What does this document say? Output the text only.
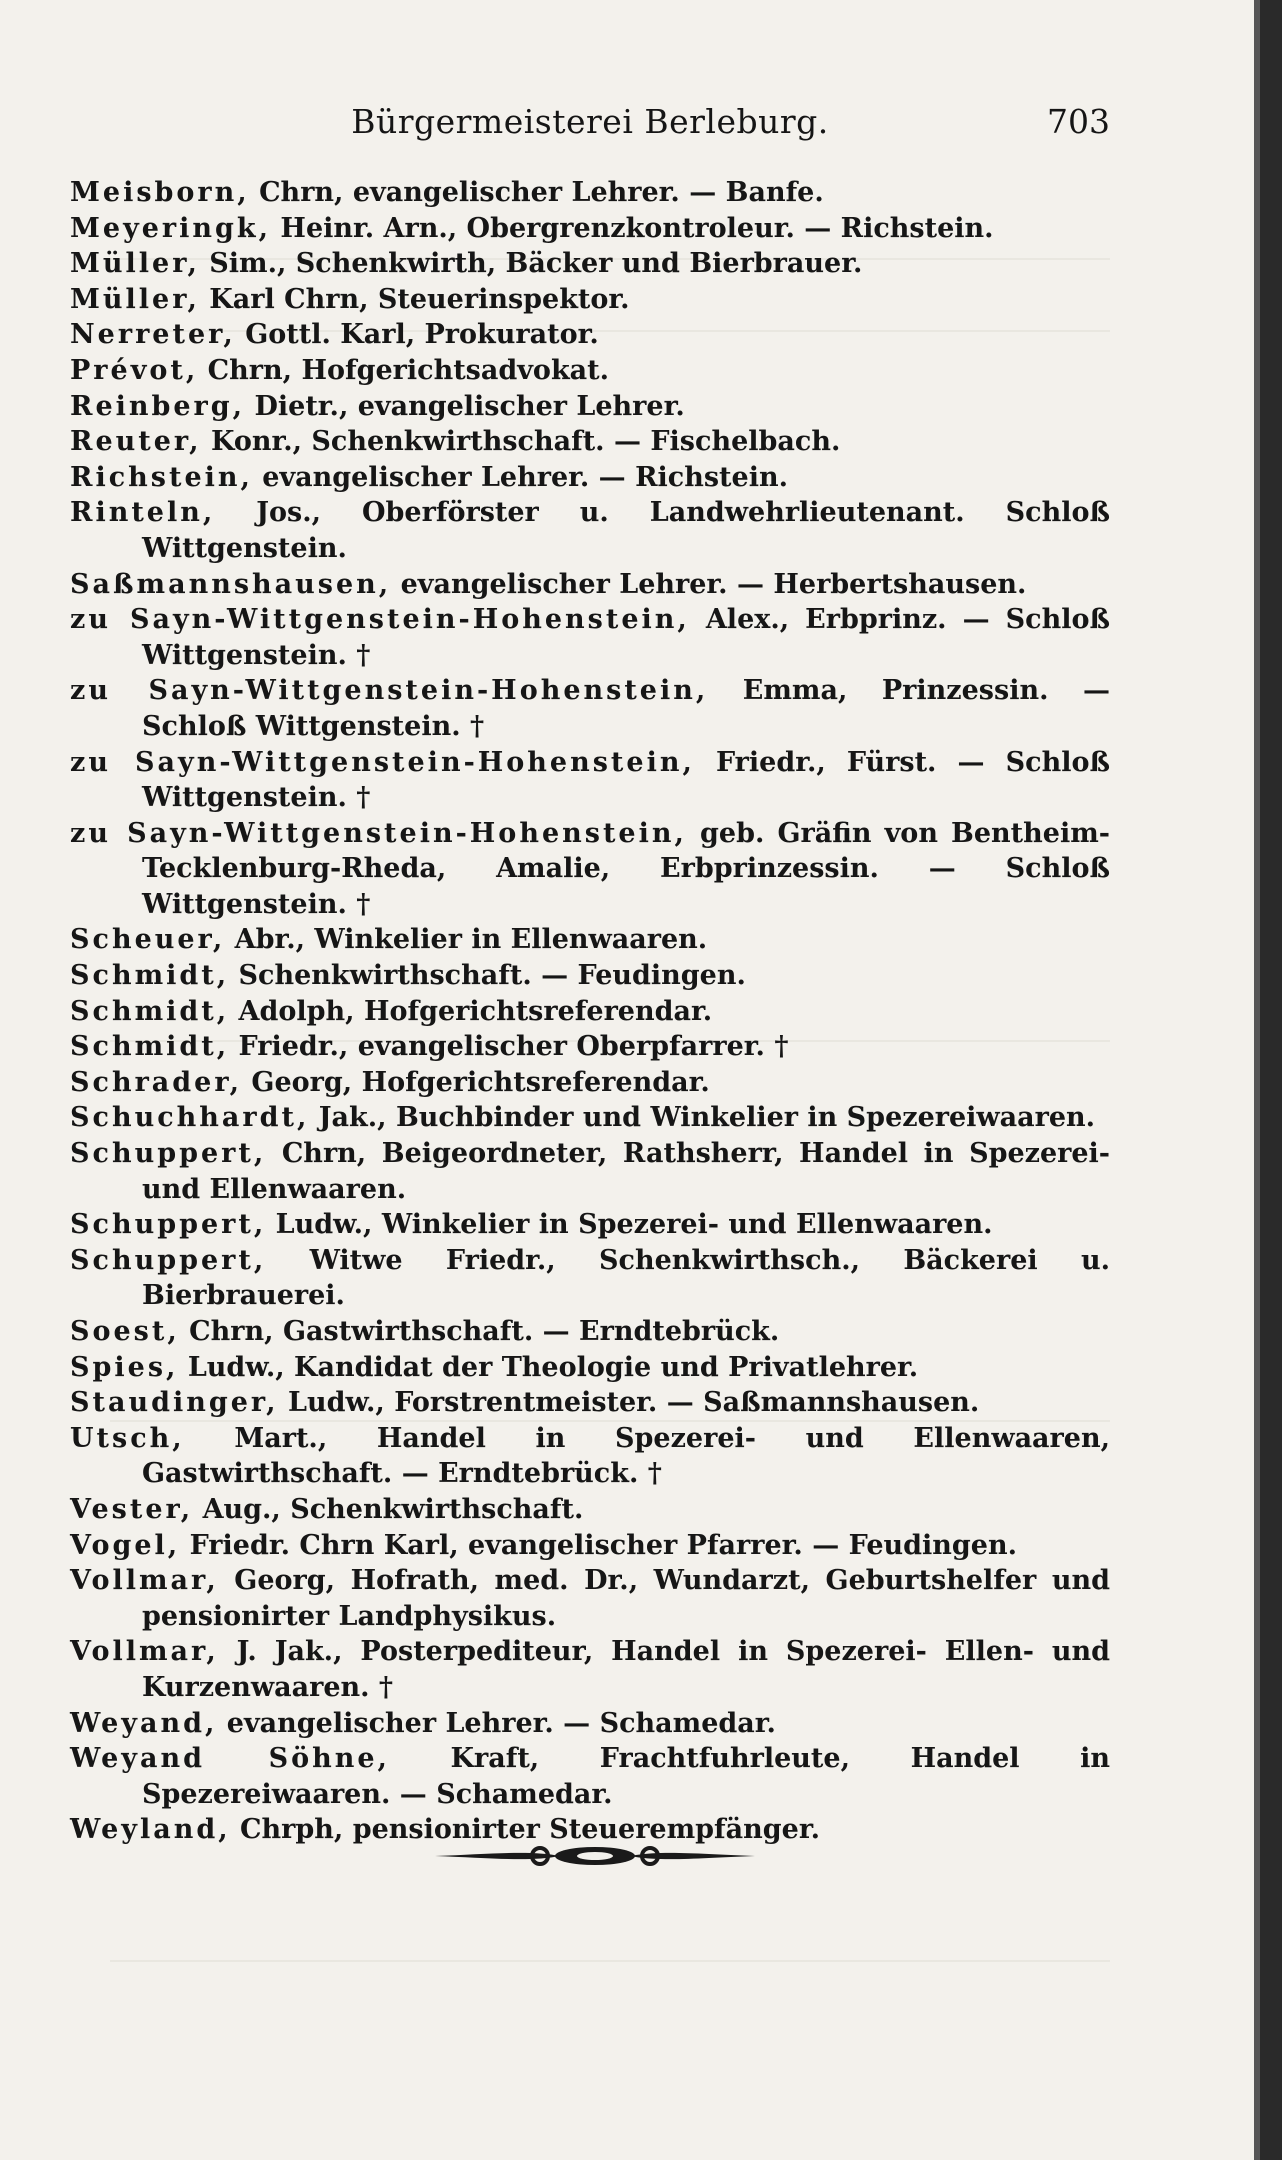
Bürgermeisterei Berleburg.	703
Meisborn, Chrn, evangelischer Lehrer. — Banfe.
Meyeringk, Heinr. Arn., Obergrenzkontroleur. — Richstein.
Müller, Sim., Schenkwirth, Bäcker und Bierbrauer.
Müller, Karl Chrn, Steuerinspektor.
Nerreter, Gottl. Karl, Prokurator.
Prévot, Chrn, Hofgerichtsadvokat.
Reinberg, Dietr., evangelischer Lehrer.
Reuter, Konr., Schenkwirthschaft. — Fischelbach.
Richstein, evangelischer Lehrer. — Richstein.
Rinteln, Jos., Oberförster u. Landwehrlieutenant. Schloß Wittgenstein.
Saßmannshausen, evangelischer Lehrer. — Herbertshausen.
zu Sayn-Wittgenstein-Hohenstein, Alex., Erbprinz. — Schloß Wittgenstein. †
zu Sayn-Wittgenstein-Hohenstein, Emma, Prinzessin. — Schloß Wittgenstein. †
zu Sayn-Wittgenstein-Hohenstein, Friedr., Fürst. — Schloß Wittgenstein. †
zu Sayn-Wittgenstein-Hohenstein, geb. Gräfin von Bentheim-Tecklenburg-Rheda, Amalie, Erbprinzessin. — Schloß Wittgenstein. †
Scheuer, Abr., Winkelier in Ellenwaaren.
Schmidt, Schenkwirthschaft. — Feudingen.
Schmidt, Adolph, Hofgerichtsreferendar.
Schmidt, Friedr., evangelischer Oberpfarrer. †
Schrader, Georg, Hofgerichtsreferendar.
Schuchhardt, Jak., Buchbinder und Winkelier in Spezereiwaaren.
Schuppert, Chrn, Beigeordneter, Rathsherr, Handel in Spezerei- und Ellenwaaren.
Schuppert, Ludw., Winkelier in Spezerei- und Ellenwaaren.
Schuppert, Witwe Friedr., Schenkwirthsch., Bäckerei u. Bierbrauerei.
Soest, Chrn, Gastwirthschaft. — Erndtebrück.
Spies, Ludw., Kandidat der Theologie und Privatlehrer.
Staudinger, Ludw., Forstrentmeister. — Saßmannshausen.
Utsch, Mart., Handel in Spezerei- und Ellenwaaren, Gastwirthschaft. — Erndtebrück. †
Vester, Aug., Schenkwirthschaft.
Vogel, Friedr. Chrn Karl, evangelischer Pfarrer. — Feudingen.
Vollmar, Georg, Hofrath, med. Dr., Wundarzt, Geburtshelfer und pensionirter Landphysikus.
Vollmar, J. Jak., Posterpediteur, Handel in Spezerei- Ellen- und Kurzenwaaren. †
Weyand, evangelischer Lehrer. — Schamedar.
Weyand Söhne, Kraft, Frachtfuhrleute, Handel in Spezereiwaaren. — Schamedar.
Weyland, Chrph, pensionirter Steuerempfänger.
